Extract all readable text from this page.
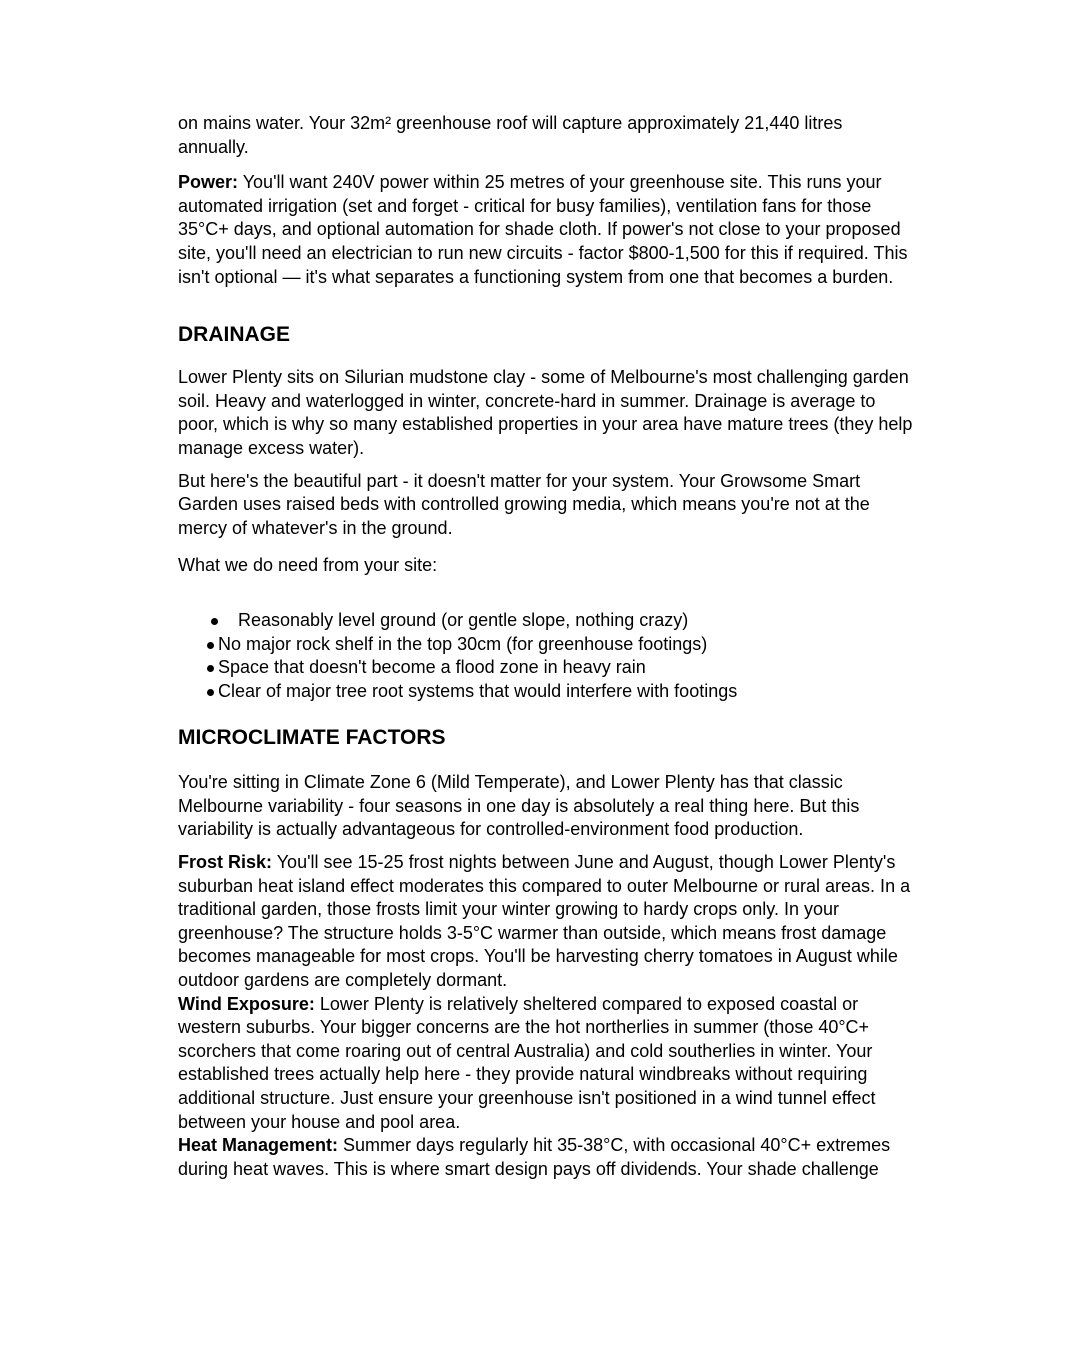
on mains water. Your 32m² greenhouse roof will capture approximately 21,440 litres annually.

Power: You'll want 240V power within 25 metres of your greenhouse site. This runs your automated irrigation (set and forget - critical for busy families), ventilation fans for those 35°C+ days, and optional automation for shade cloth. If power's not close to your proposed site, you'll need an electrician to run new circuits - factor $800-1,500 for this if required. This isn't optional — it's what separates a functioning system from one that becomes a burden.

DRAINAGE

Lower Plenty sits on Silurian mudstone clay - some of Melbourne's most challenging garden soil. Heavy and waterlogged in winter, concrete-hard in summer. Drainage is average to poor, which is why so many established properties in your area have mature trees (they help manage excess water).

But here's the beautiful part - it doesn't matter for your system. Your Growsome Smart Garden uses raised beds with controlled growing media, which means you're not at the mercy of whatever's in the ground.

What we do need from your site:

Reasonably level ground (or gentle slope, nothing crazy)
No major rock shelf in the top 30cm (for greenhouse footings)
Space that doesn't become a flood zone in heavy rain
Clear of major tree root systems that would interfere with footings
MICROCLIMATE FACTORS

You're sitting in Climate Zone 6 (Mild Temperate), and Lower Plenty has that classic Melbourne variability - four seasons in one day is absolutely a real thing here. But this variability is actually advantageous for controlled-environment food production.

Frost Risk: You'll see 15-25 frost nights between June and August, though Lower Plenty's suburban heat island effect moderates this compared to outer Melbourne or rural areas. In a traditional garden, those frosts limit your winter growing to hardy crops only. In your greenhouse? The structure holds 3-5°C warmer than outside, which means frost damage becomes manageable for most crops. You'll be harvesting cherry tomatoes in August while outdoor gardens are completely dormant.

Wind Exposure: Lower Plenty is relatively sheltered compared to exposed coastal or western suburbs. Your bigger concerns are the hot northerlies in summer (those 40°C+ scorchers that come roaring out of central Australia) and cold southerlies in winter. Your established trees actually help here - they provide natural windbreaks without requiring additional structure. Just ensure your greenhouse isn't positioned in a wind tunnel effect between your house and pool area.

Heat Management: Summer days regularly hit 35-38°C, with occasional 40°C+ extremes during heat waves. This is where smart design pays off dividends. Your shade challenge
